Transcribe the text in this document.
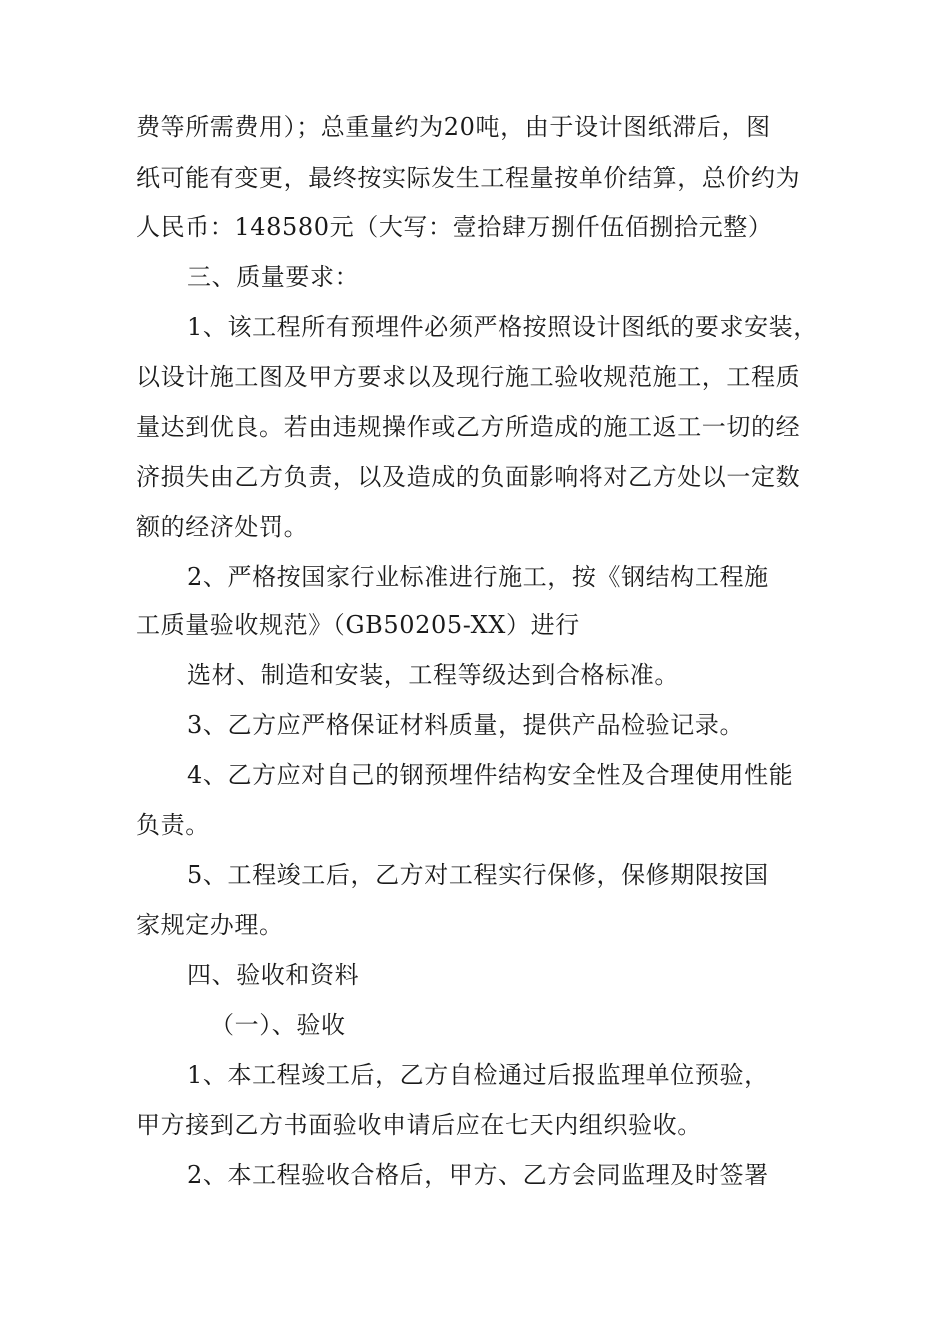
费等所需费用）；总重量约为20吨，由于设计图纸滞后，图
纸可能有变更，最终按实际发生工程量按单价结算，总价约为
人民币：148580元（大写：壹拾肆万捌仟伍佰捌拾元整）
三、质量要求：
1、该工程所有预埋件必须严格按照设计图纸的要求安装，
以设计施工图及甲方要求以及现行施工验收规范施工，工程质
量达到优良。若由违规操作或乙方所造成的施工返工一切的经
济损失由乙方负责，以及造成的负面影响将对乙方处以一定数
额的经济处罚。
2、严格按国家行业标准进行施工，按《钢结构工程施
工质量验收规范》（GB50205-XX）进行
选材、制造和安装，工程等级达到合格标准。
3、乙方应严格保证材料质量，提供产品检验记录。
4、乙方应对自己的钢预埋件结构安全性及合理使用性能
负责。
5、工程竣工后，乙方对工程实行保修，保修期限按国
家规定办理。
四、验收和资料
（一）、验收
1、本工程竣工后，乙方自检通过后报监理单位预验，
甲方接到乙方书面验收申请后应在七天内组织验收。
2、本工程验收合格后，甲方、乙方会同监理及时签署
